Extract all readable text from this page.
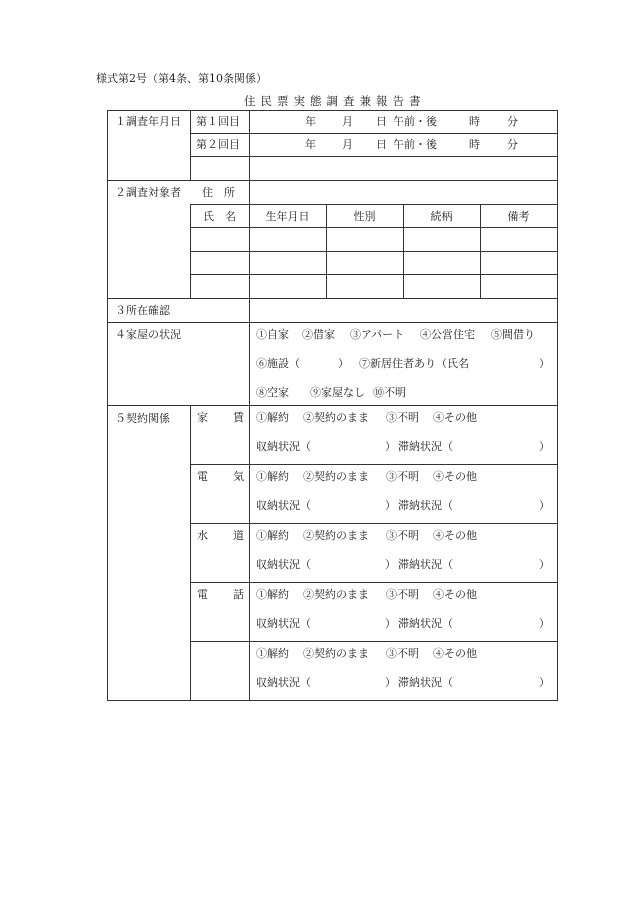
様式第2号（第4条、第10条関係）
住民票実態調査兼報告書
１調査年月日 第１回目	年 月 日 午前・後	時 分
第２回目	年 月 日 午前・後	時 分
２調査対象者 住　所
氏　名	生年月日	性別	続柄	備考
３所在確認
４家屋の状況	①自家 ②借家 ③アパート ④公営住宅 ⑤間借り
⑥施設（	） ⑦新居住者あり（氏名	）
⑧空家 ⑨家屋なし ⑩不明
５契約関係 家 賃 ①解約 ②契約のまま ③不明 ④その他
収納状況（	） 滞納状況（	）
電 気 ①解約 ②契約のまま ③不明 ④その他
収納状況（	） 滞納状況（	）
水 道 ①解約 ②契約のまま ③不明 ④その他
収納状況（	） 滞納状況（	）
電 話 ①解約 ②契約のまま ③不明 ④その他
収納状況（	） 滞納状況（	）
①解約 ②契約のまま ③不明 ④その他
収納状況（	） 滞納状況（	）
